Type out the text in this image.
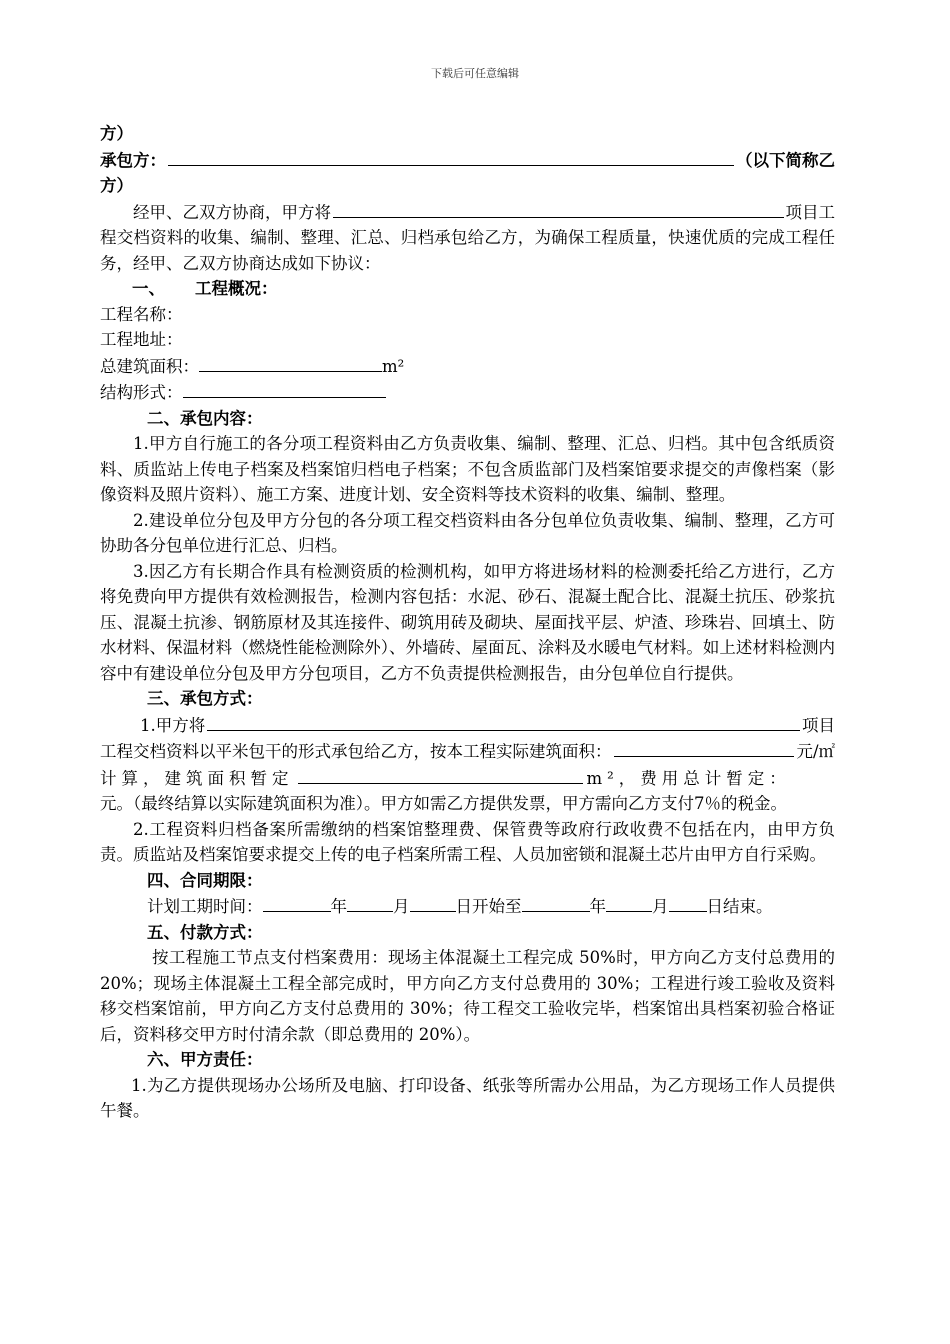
下载后可任意编辑

方）

承包方：	（以下简称乙

方）

经甲、乙双方协商，甲方将	项目工

程交档资料的收集、编制、整理、汇总、归档承包给乙方，为确保工程质量，快速优质的完成工程任务，经甲、乙双方协商达成如下协议：

一、 工程概况：

工程名称：

工程地址：

总建筑面积：	m²

结构形式：

二、承包内容：

1.甲方自行施工的各分项工程资料由乙方负责收集、编制、整理、汇总、归档。其中包含纸质资料、质监站上传电子档案及档案馆归档电子档案；不包含质监部门及档案馆要求提交的声像档案（影像资料及照片资料）、施工方案、进度计划、安全资料等技术资料的收集、编制、整理。

2.建设单位分包及甲方分包的各分项工程交档资料由各分包单位负责收集、编制、整理，乙方可协助各分包单位进行汇总、归档。

3.因乙方有长期合作具有检测资质的检测机构，如甲方将进场材料的检测委托给乙方进行，乙方将免费向甲方提供有效检测报告，检测内容包括：水泥、砂石、混凝土配合比、混凝土抗压、砂浆抗压、混凝土抗渗、钢筋原材及其连接件、砌筑用砖及砌块、屋面找平层、炉渣、珍珠岩、回填土、防水材料、保温材料（燃烧性能检测除外）、外墙砖、屋面瓦、涂料及水暖电气材料。如上述材料检测内容中有建设单位分包及甲方分包项目，乙方不负责提供检测报告，由分包单位自行提供。

三、承包方式：

1.甲方将	项目
工程交档资料以平米包干的形式承包给乙方，按本工程实际建筑面积：	元/㎡
计算，建筑面积暂定	m²，费用总计暂定：

元。（最终结算以实际建筑面积为准）。甲方如需乙方提供发票，甲方需向乙方支付7％的税金。

2.工程资料归档备案所需缴纳的档案馆整理费、保管费等政府行政收费不包括在内，由甲方负责。质监站及档案馆要求提交上传的电子档案所需工程、人员加密锁和混凝土芯片由甲方自行采购。

四、合同期限：

计划工期时间：	年	月	日开始至	年	月 日结束。

五、付款方式：

按工程施工节点支付档案费用：现场主体混凝土工程完成 50%时，甲方向乙方支付总费用的 20%；现场主体混凝土工程全部完成时，甲方向乙方支付总费用的 30%；工程进行竣工验收及资料移交档案馆前，甲方向乙方支付总费用的 30%；待工程交工验收完毕，档案馆出具档案初验合格证后，资料移交甲方时付清余款（即总费用的 20%）。

六、甲方责任：

1.为乙方提供现场办公场所及电脑、打印设备、纸张等所需办公用品，为乙方现场工作人员提供午餐。
